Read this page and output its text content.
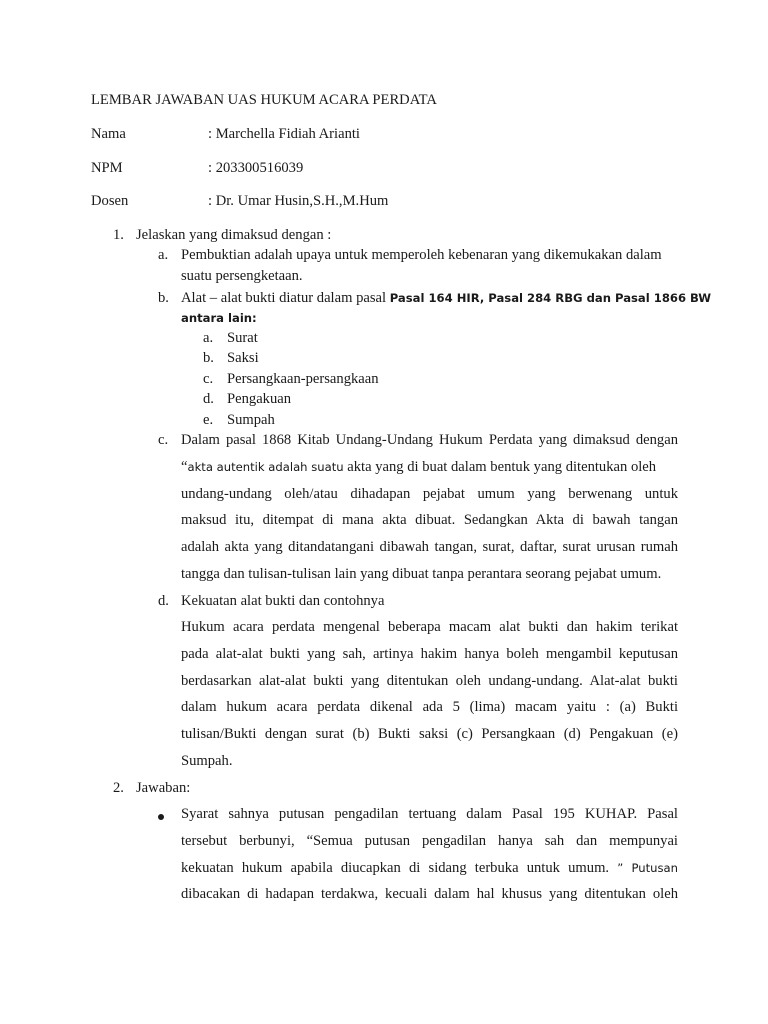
LEMBAR JAWABAN UAS HUKUM ACARA PERDATA
Nama	: Marchella Fidiah Arianti
NPM	: 203300516039
Dosen	: Dr. Umar Husin,S.H.,M.Hum
1. Jelaskan yang dimaksud dengan :
a. Pembuktian adalah upaya untuk memperoleh kebenaran yang dikemukakan dalam
suatu persengketaan.
b. Alat – alat bukti diatur dalam pasal Pasal 164 HIR, Pasal 284 RBG dan Pasal 1866 BW
antara lain:
a. Surat
b. Saksi
c. Persangkaan-persangkaan
d. Pengakuan
e. Sumpah
c. Dalam pasal 1868 Kitab Undang-Undang Hukum Perdata yang dimaksud dengan
“akta autentik adalah suatu akta yang di buat dalam bentuk yang ditentukan oleh
undang-undang oleh/atau dihadapan pejabat umum yang berwenang untuk
maksud itu, ditempat di mana akta dibuat. Sedangkan Akta di bawah tangan
adalah akta yang ditandatangani dibawah tangan, surat, daftar, surat urusan rumah
tangga dan tulisan-tulisan lain yang dibuat tanpa perantara seorang pejabat umum.
d. Kekuatan alat bukti dan contohnya
Hukum acara perdata mengenal beberapa macam alat bukti dan hakim terikat
pada alat-alat bukti yang sah, artinya hakim hanya boleh mengambil keputusan
berdasarkan alat-alat bukti yang ditentukan oleh undang-undang. Alat-alat bukti
dalam hukum acara perdata dikenal ada 5 (lima) macam yaitu : (a) Bukti
tulisan/Bukti dengan surat (b) Bukti saksi (c) Persangkaan (d) Pengakuan (e)
Sumpah.
2. Jawaban:
Syarat sahnya putusan pengadilan tertuang dalam Pasal 195 KUHAP. Pasal
tersebut berbunyi, “Semua putusan pengadilan hanya sah dan mempunyai
kekuatan hukum apabila diucapkan di sidang terbuka untuk umum. ” Putusan
dibacakan di hadapan terdakwa, kecuali dalam hal khusus yang ditentukan oleh
